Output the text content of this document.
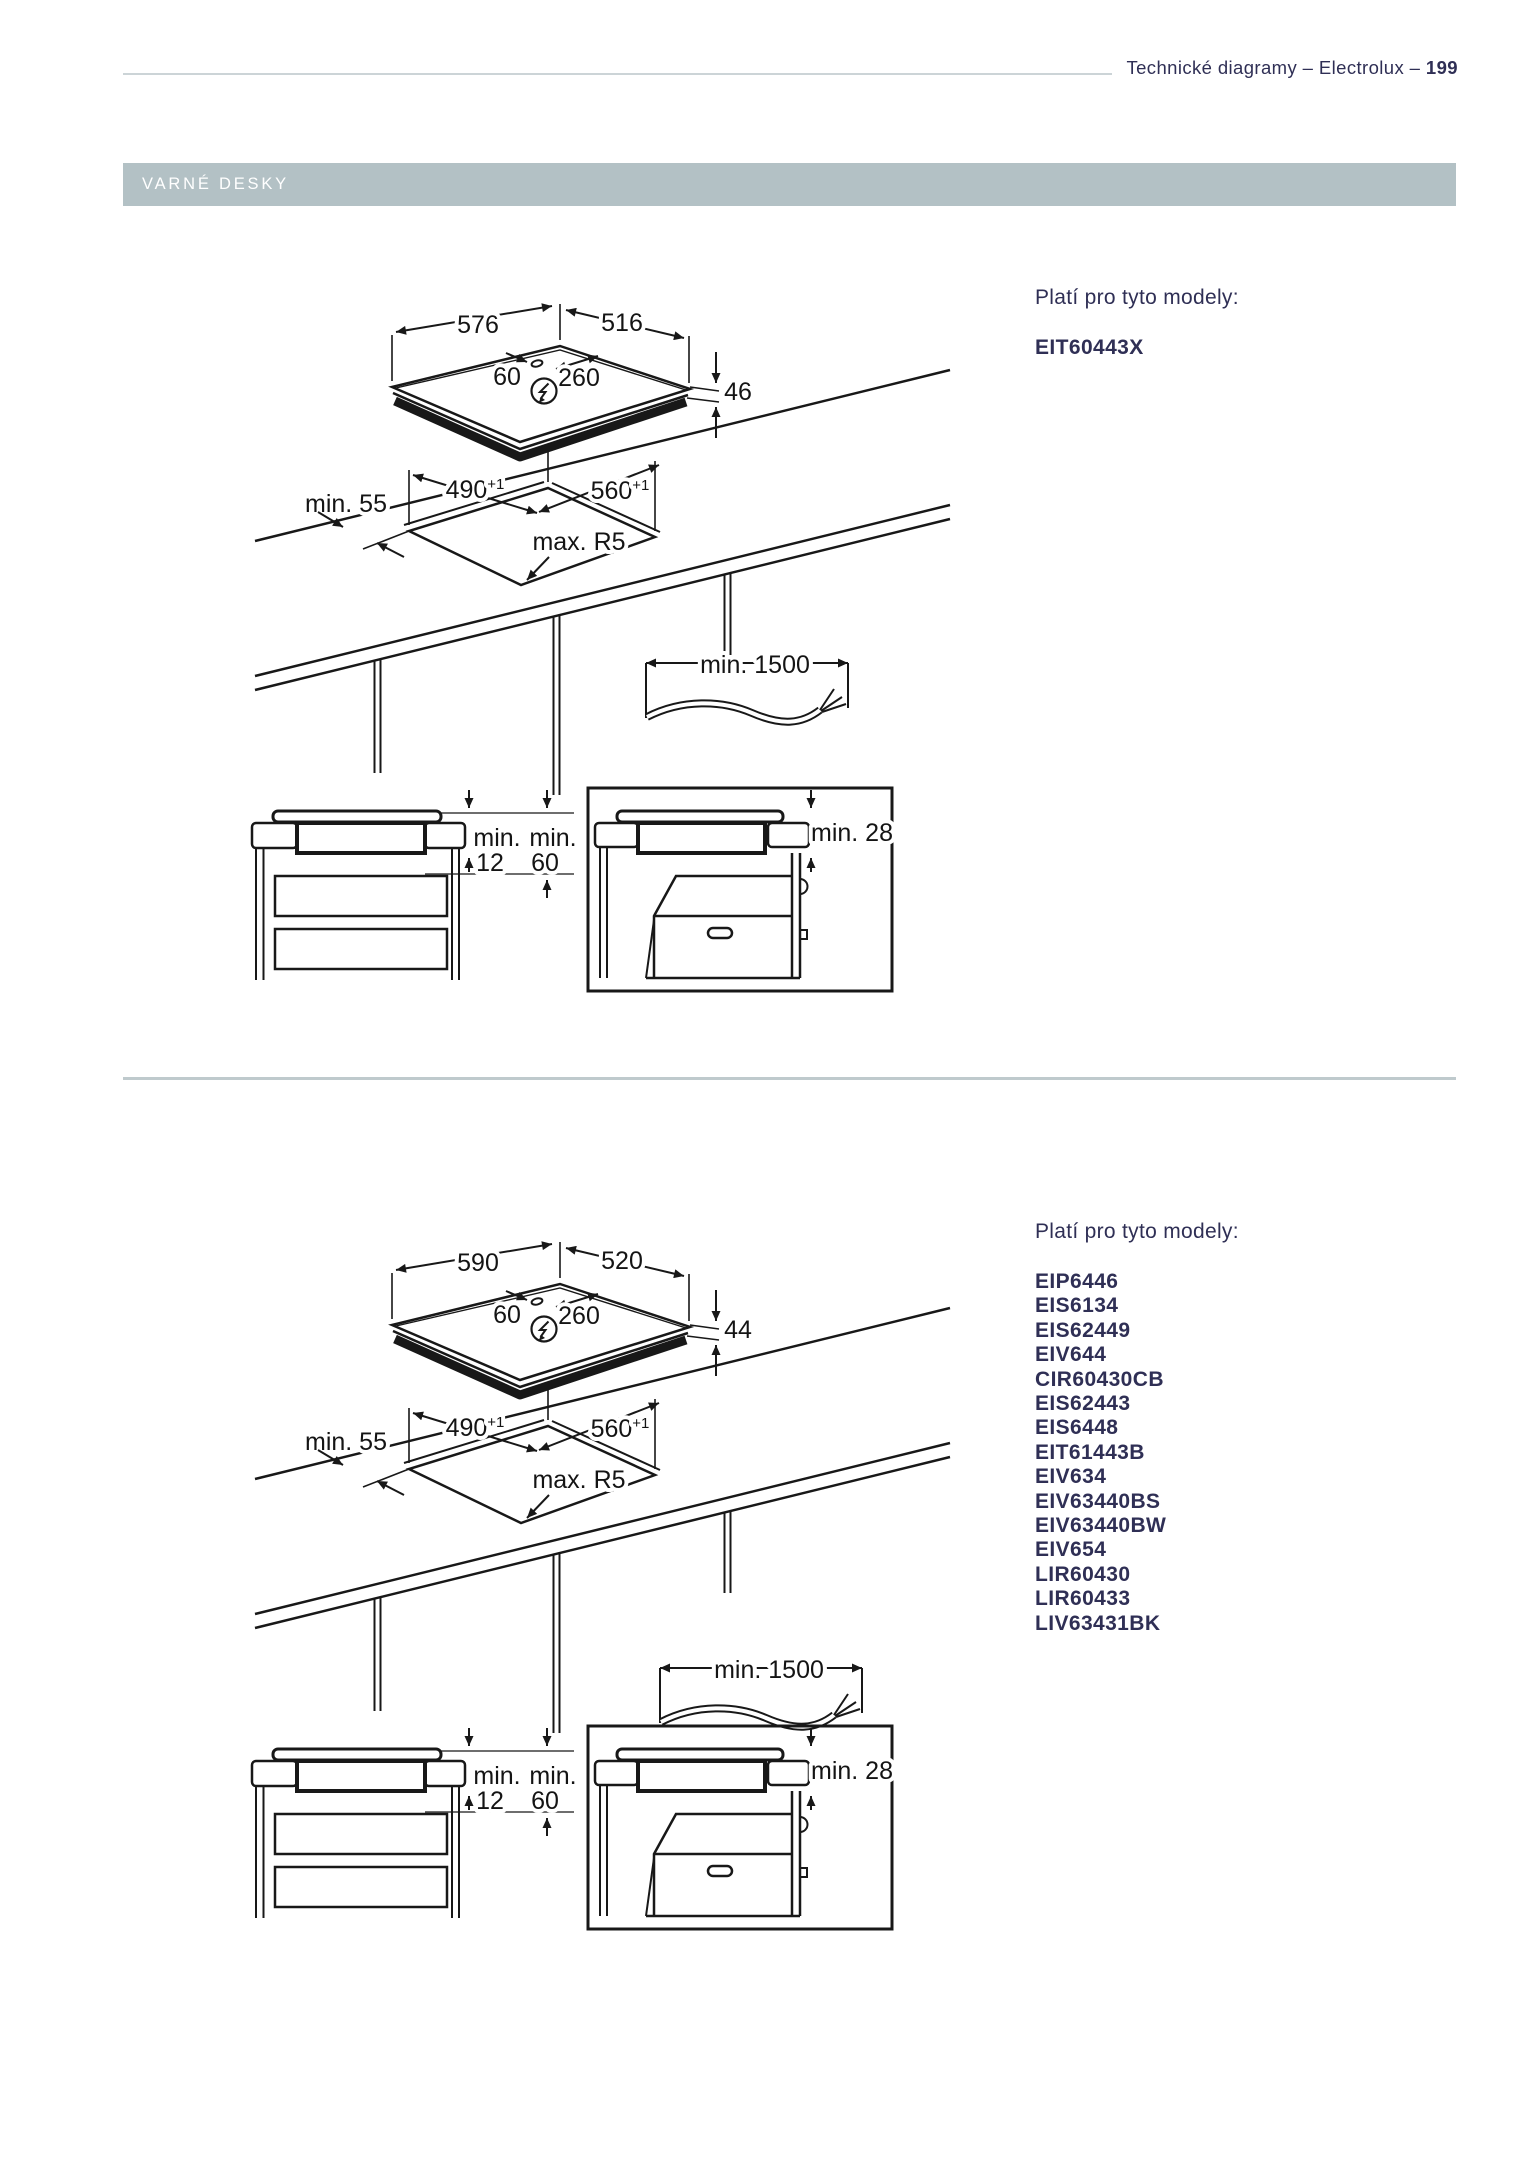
Technické diagramy – Electrolux – 199
VARNÉ DESKY
576	516
60 260	46
$490^{+1}$	$560^{+1}$
min. 55
max. R5
min. 1500
min.
12
min.
60
min. 28
Platí pro tyto modely:
EIT60443X
590	520
60 260	44
$490^{+1}$	$560^{+1}$
min. 55
max. R5
min. 1500
min.
12
min.
60
min. 28
Platí pro tyto modely:
EIP6446
EIS6134
EIS62449
EIV644
CIR60430CB
EIS62443
EIS6448
EIT61443B
EIV634
EIV63440BS
EIV63440BW
EIV654
LIR60430
LIR60433
LIV63431BK
